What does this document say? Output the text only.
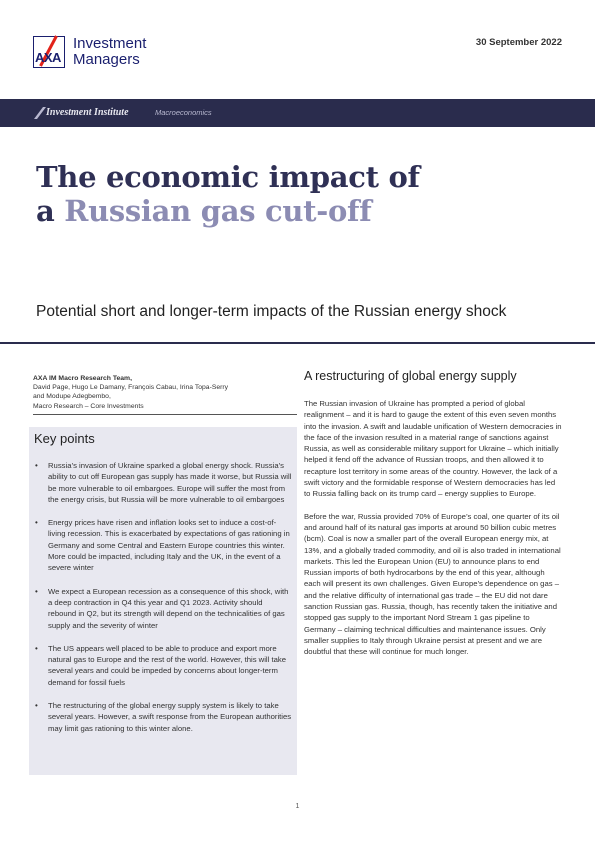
AXA
Investment
Managers
30 September 2022
Investment Institute	Macroeconomics
The economic impact of
a Russian gas cut-off
Potential short and longer-term impacts of the Russian energy shock
AXA IM Macro Research Team,
David Page, Hugo Le Damany, François Cabau, Irina Topa-Serry
and Modupe Adegbembo,
Macro Research – Core Investments
Key points
• Russia’s invasion of Ukraine sparked a global energy shock. Russia’s ability to cut off European gas supply has made it worse, but Russia will be more vulnerable to oil embargoes. Europe will suffer the most from the energy crisis, but Russia will be more vulnerable to oil embargoes
• Energy prices have risen and inflation looks set to induce a cost-of-living recession. This is exacerbated by expectations of gas rationing in Germany and some Central and Eastern Europe countries this winter. More could be impacted, including Italy and the UK, in the event of a severe winter
• We expect a European recession as a consequence of this shock, with a deep contraction in Q4 this year and Q1 2023. Activity should rebound in Q2, but its strength will depend on the technicalities of gas supply and the severity of winter
• The US appears well placed to be able to produce and export more natural gas to Europe and the rest of the world. However, this will take several years and could be impeded by concerns about longer-term demand for fossil fuels
• The restructuring of the global energy supply system is likely to take several years. However, a swift response from the European authorities may limit gas rationing to this winter alone.
A restructuring of global energy supply

The Russian invasion of Ukraine has prompted a period of global realignment – and it is hard to gauge the extent of this even seven months into the invasion. A swift and laudable unification of Western democracies in the face of the invasion resulted in a material range of sanctions against Russia, as well as considerable military support for Ukraine – which initially helped it fend off the advance of Russian troops, and then allowed it to recapture lost territory in some areas of the country. However, the lack of a swift victory and the formidable response of Western democracies has led to Russia falling back on its trump card – energy supplies to Europe.

Before the war, Russia provided 70% of Europe’s coal, one quarter of its oil and around half of its natural gas imports at around 50 billion cubic metres (bcm). Coal is now a smaller part of the overall European energy mix, at 13%, and a globally traded commodity, and oil is also traded in international markets. This led the European Union (EU) to announce plans to end Russian imports of both hydrocarbons by the end of this year, although each will present its own challenges. Given Europe’s dependence on gas – and the relative difficulty of international gas trade – the EU did not dare sanction Russian gas. Russia, though, has recently taken the initiative and stopped gas supply to the important Nord Stream 1 gas pipeline to Germany – claiming technical difficulties and maintenance issues. Only smaller supplies to Italy through Ukraine persist at present and we are doubtful that these will continue for much longer.

1
